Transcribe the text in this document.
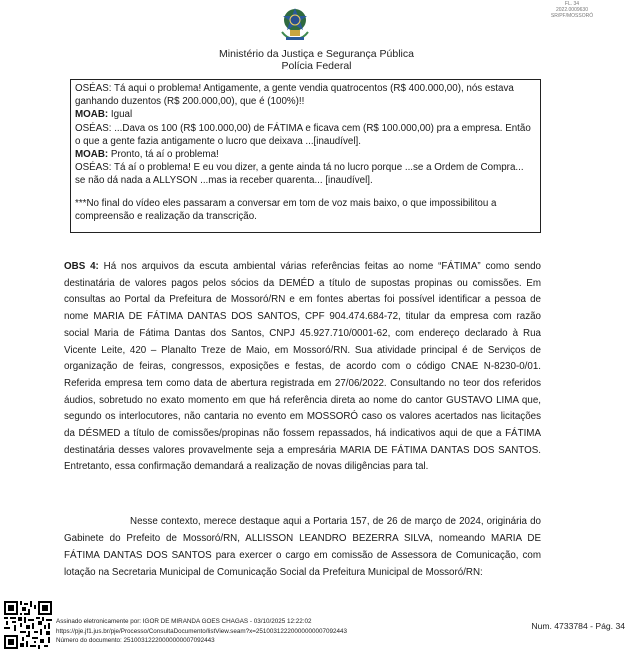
FL. 34
2022.0009630
SR/PF/MOSSORÓ
Ministério da Justiça e Segurança Pública
Polícia Federal

OSÉAS: Tá aqui o problema! Antigamente, a gente vendia quatrocentos (R$ 400.000,00), nós estava ganhando duzentos (R$ 200.000,00), que é (100%)!!

MOAB: Igual

OSÉAS: ...Dava os 100 (R$ 100.000,00) de FÁTIMA e ficava cem (R$ 100.000,00) pra a empresa. Então o que a gente fazia antigamente o lucro que deixava ...[inaudível].

MOAB: Pronto, tá aí o problema!

OSÉAS: Tá aí o problema! E eu vou dizer, a gente ainda tá no lucro porque ...se a Ordem de Compra... se não dá nada a ALLYSON ...mas ia receber quarenta... [inaudível].

***No final do vídeo eles passaram a conversar em tom de voz mais baixo, o que impossibilitou a compreensão e realização da transcrição.

OBS 4: Há nos arquivos da escuta ambiental várias referências feitas ao nome “FÁTIMA” como sendo destinatária de valores pagos pelos sócios da DEMÉD a título de supostas propinas ou comissões. Em consultas ao Portal da Prefeitura de Mossoró/RN e em fontes abertas foi possível identificar a pessoa de nome MARIA DE FÁTIMA DANTAS DOS SANTOS, CPF 904.474.684-72, titular da empresa com razão social Maria de Fátima Dantas dos Santos, CNPJ 45.927.710/0001-62, com endereço declarado à Rua Vicente Leite, 420 – Planalto Treze de Maio, em Mossoró/RN. Sua atividade principal é de Serviços de organização de feiras, congressos, exposições e festas, de acordo com o código CNAE N-8230-0/01. Referida empresa tem como data de abertura registrada em 27/06/2022. Consultando no teor dos referidos áudios, sobretudo no exato momento em que há referência direta ao nome do cantor GUSTAVO LIMA que, segundo os interlocutores, não cantaria no evento em MOSSORÓ caso os valores acertados nas licitações da DÉSMED a título de comissões/propinas não fossem repassados, há indicativos aqui de que a FÁTIMA destinatária desses valores provavelmente seja a empresária MARIA DE FÁTIMA DANTAS DOS SANTOS. Entretanto, essa confirmação demandará a realização de novas diligências para tal.

Nesse contexto, merece destaque aqui a Portaria 157, de 26 de março de 2024, originária do Gabinete do Prefeito de Mossoró/RN, ALLISSON LEANDRO BEZERRA SILVA, nomeando MARIA DE FÁTIMA DANTAS DOS SANTOS para exercer o cargo em comissão de Assessora de Comunicação, com lotação na Secretaria Municipal de Comunicação Social da Prefeitura Municipal de Mossoró/RN:

Assinado eletronicamente por: IGOR DE MIRANDA GOES CHAGAS - 03/10/2025 12:22:02
https://pje.jf1.jus.br/pje/Processo/ConsultaDocumento/listView.seam?x=25100312220000000007092443
Número do documento: 25100312220000000007092443
Num. 4733784 - Pág. 34
